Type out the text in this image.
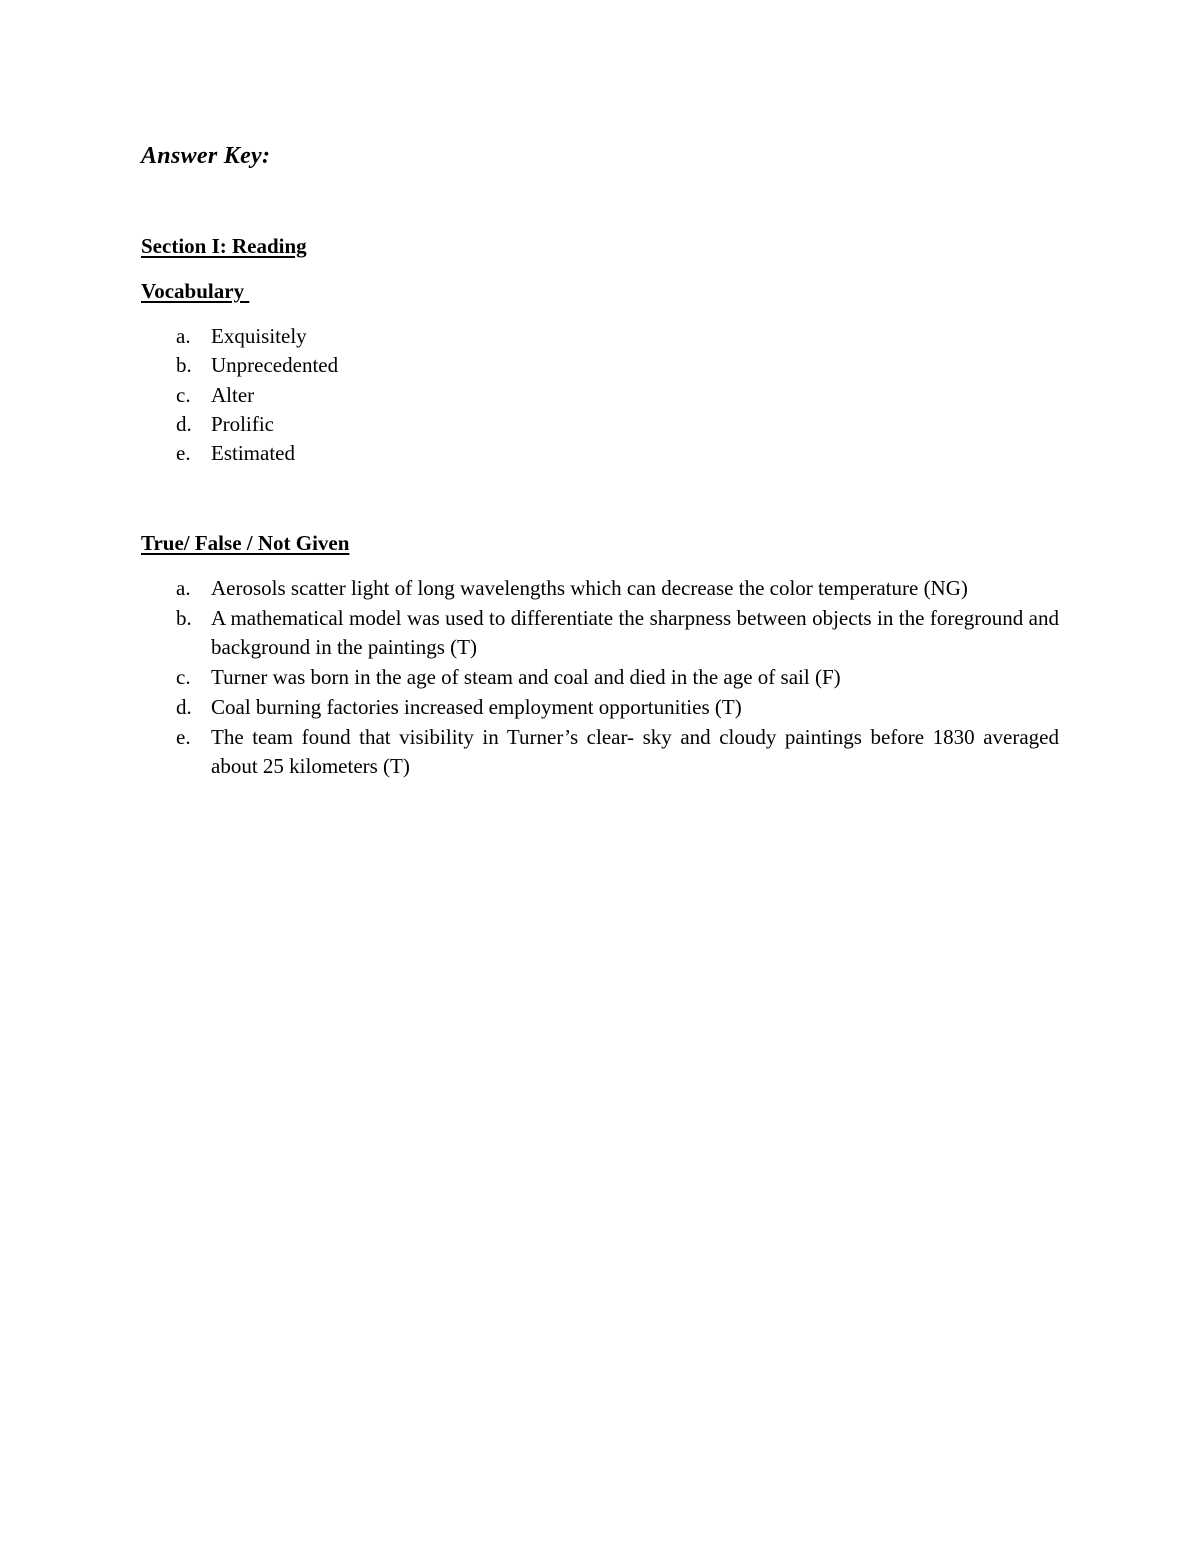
Answer Key:
Section I: Reading
Vocabulary
a. Exquisitely
b. Unprecedented
c. Alter
d. Prolific
e. Estimated
True/ False / Not Given
a. Aerosols scatter light of long wavelengths which can decrease the color temperature (NG)
b. A mathematical model was used to differentiate the sharpness between objects in the foreground and background in the paintings (T)
c. Turner was born in the age of steam and coal and died in the age of sail (F)
d. Coal burning factories increased employment opportunities (T)
e. The team found that visibility in Turner’s clear- sky and cloudy paintings before 1830 averaged about 25 kilometers (T)
